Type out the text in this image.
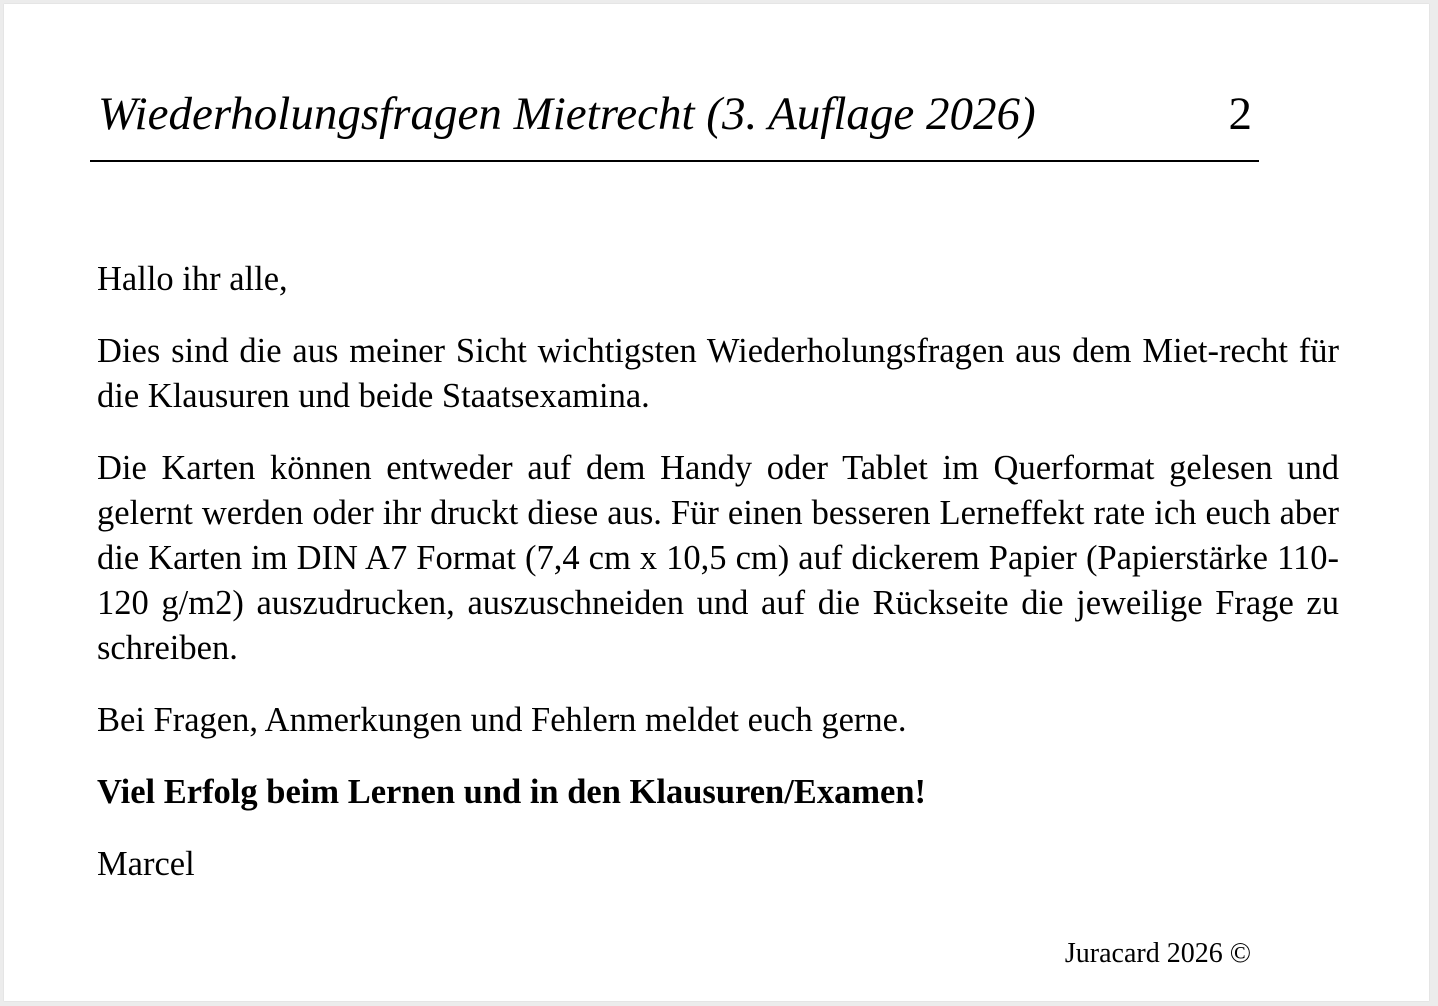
Wiederholungsfragen Mietrecht (3. Auflage 2026)	2

Hallo ihr alle,

Dies sind die aus meiner Sicht wichtigsten Wiederholungsfragen aus dem Miet-recht für die Klausuren und beide Staatsexamina.

Die Karten können entweder auf dem Handy oder Tablet im Querformat gelesen und gelernt werden oder ihr druckt diese aus. Für einen besseren Lerneffekt rate ich euch aber die Karten im DIN A7 Format (7,4 cm x 10,5 cm) auf dickerem Papier (Papierstärke 110-120 g/m2) auszudrucken, auszuschneiden und auf die Rückseite die jeweilige Frage zu schreiben.

Bei Fragen, Anmerkungen und Fehlern meldet euch gerne.

Viel Erfolg beim Lernen und in den Klausuren/Examen!

Marcel

Juracard 2026 ©
